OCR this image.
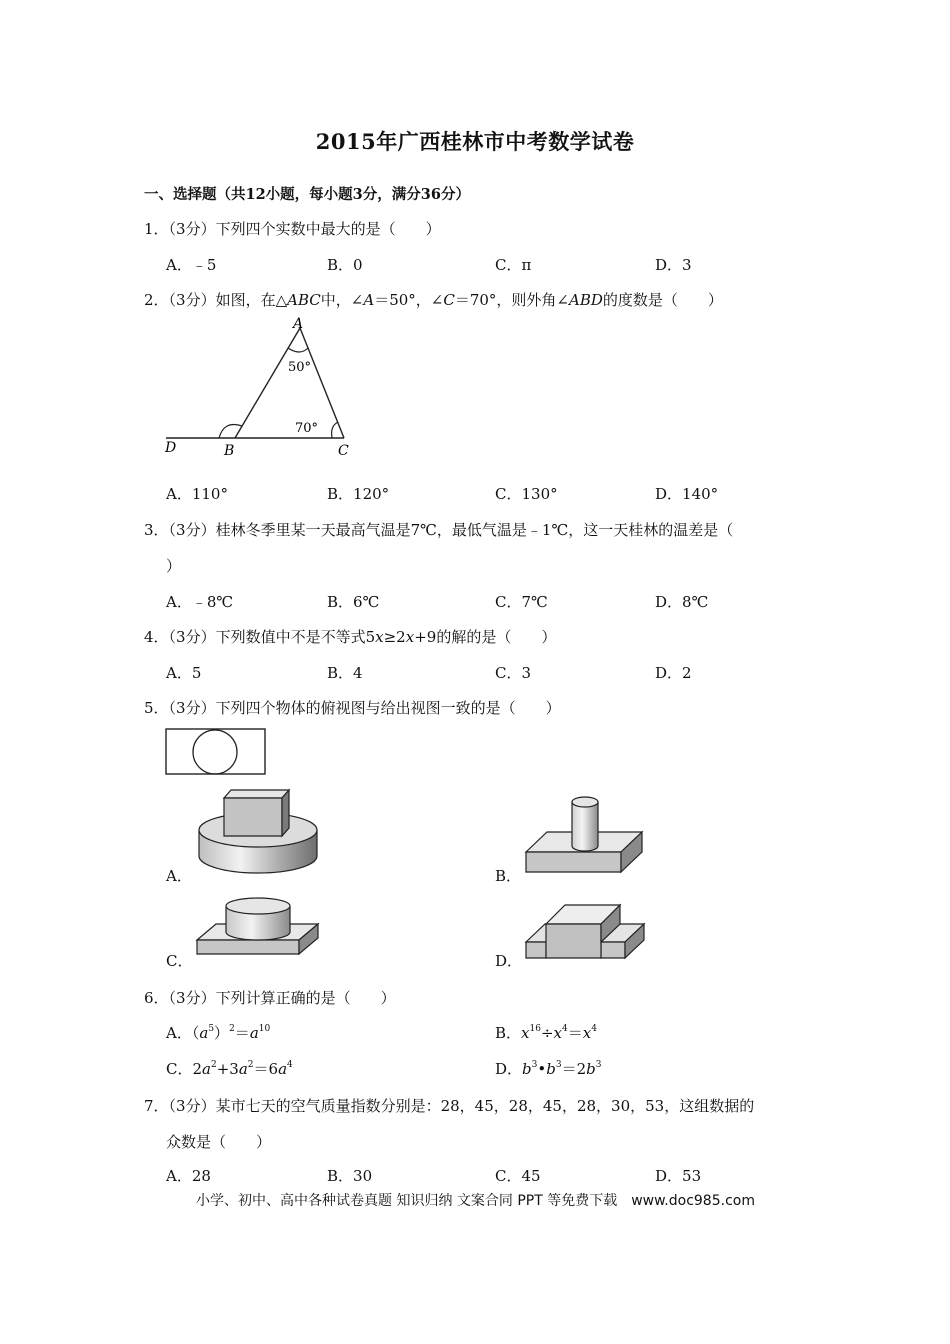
2015年广西桂林市中考数学试卷
一、选择题（共12小题，每小题3分，满分36分）
1．（3分）下列四个实数中最大的是（　　）
A．﹣5	B．0	C．π	D．3
2．（3分）如图，在△ABC中，∠A＝50°，∠C＝70°，则外角∠ABD的度数是（　　）
A
B	C
D
50°
70°
A．110°	B．120°	C．130°	D．140°
3．（3分）桂林冬季里某一天最高气温是7℃，最低气温是﹣1℃，这一天桂林的温差是（
）
A．﹣8℃	B．6℃	C．7℃	D．8℃
4．（3分）下列数值中不是不等式5x≥2x+9的解的是（　　）
A．5	B．4	C．3	D．2
5．（3分）下列四个物体的俯视图与给出视图一致的是（　　）
A．	B．
C．	D．
6．（3分）下列计算正确的是（　　）
A．$(a^5)^2=a^{10}$	B．$x^{16}\div x^4=x^4$
C．$2a^2+3a^2=6a^4$	D．$b^3•b^3=2b^3$
7．（3分）某市七天的空气质量指数分别是：28，45，28，45，28，30，53，这组数据的
众数是（　　）
A．28	B．30	C．45	D．53
小学、初中、高中各种试卷真题 知识归纳 文案合同 PPT 等免费下载　www.doc985.com
